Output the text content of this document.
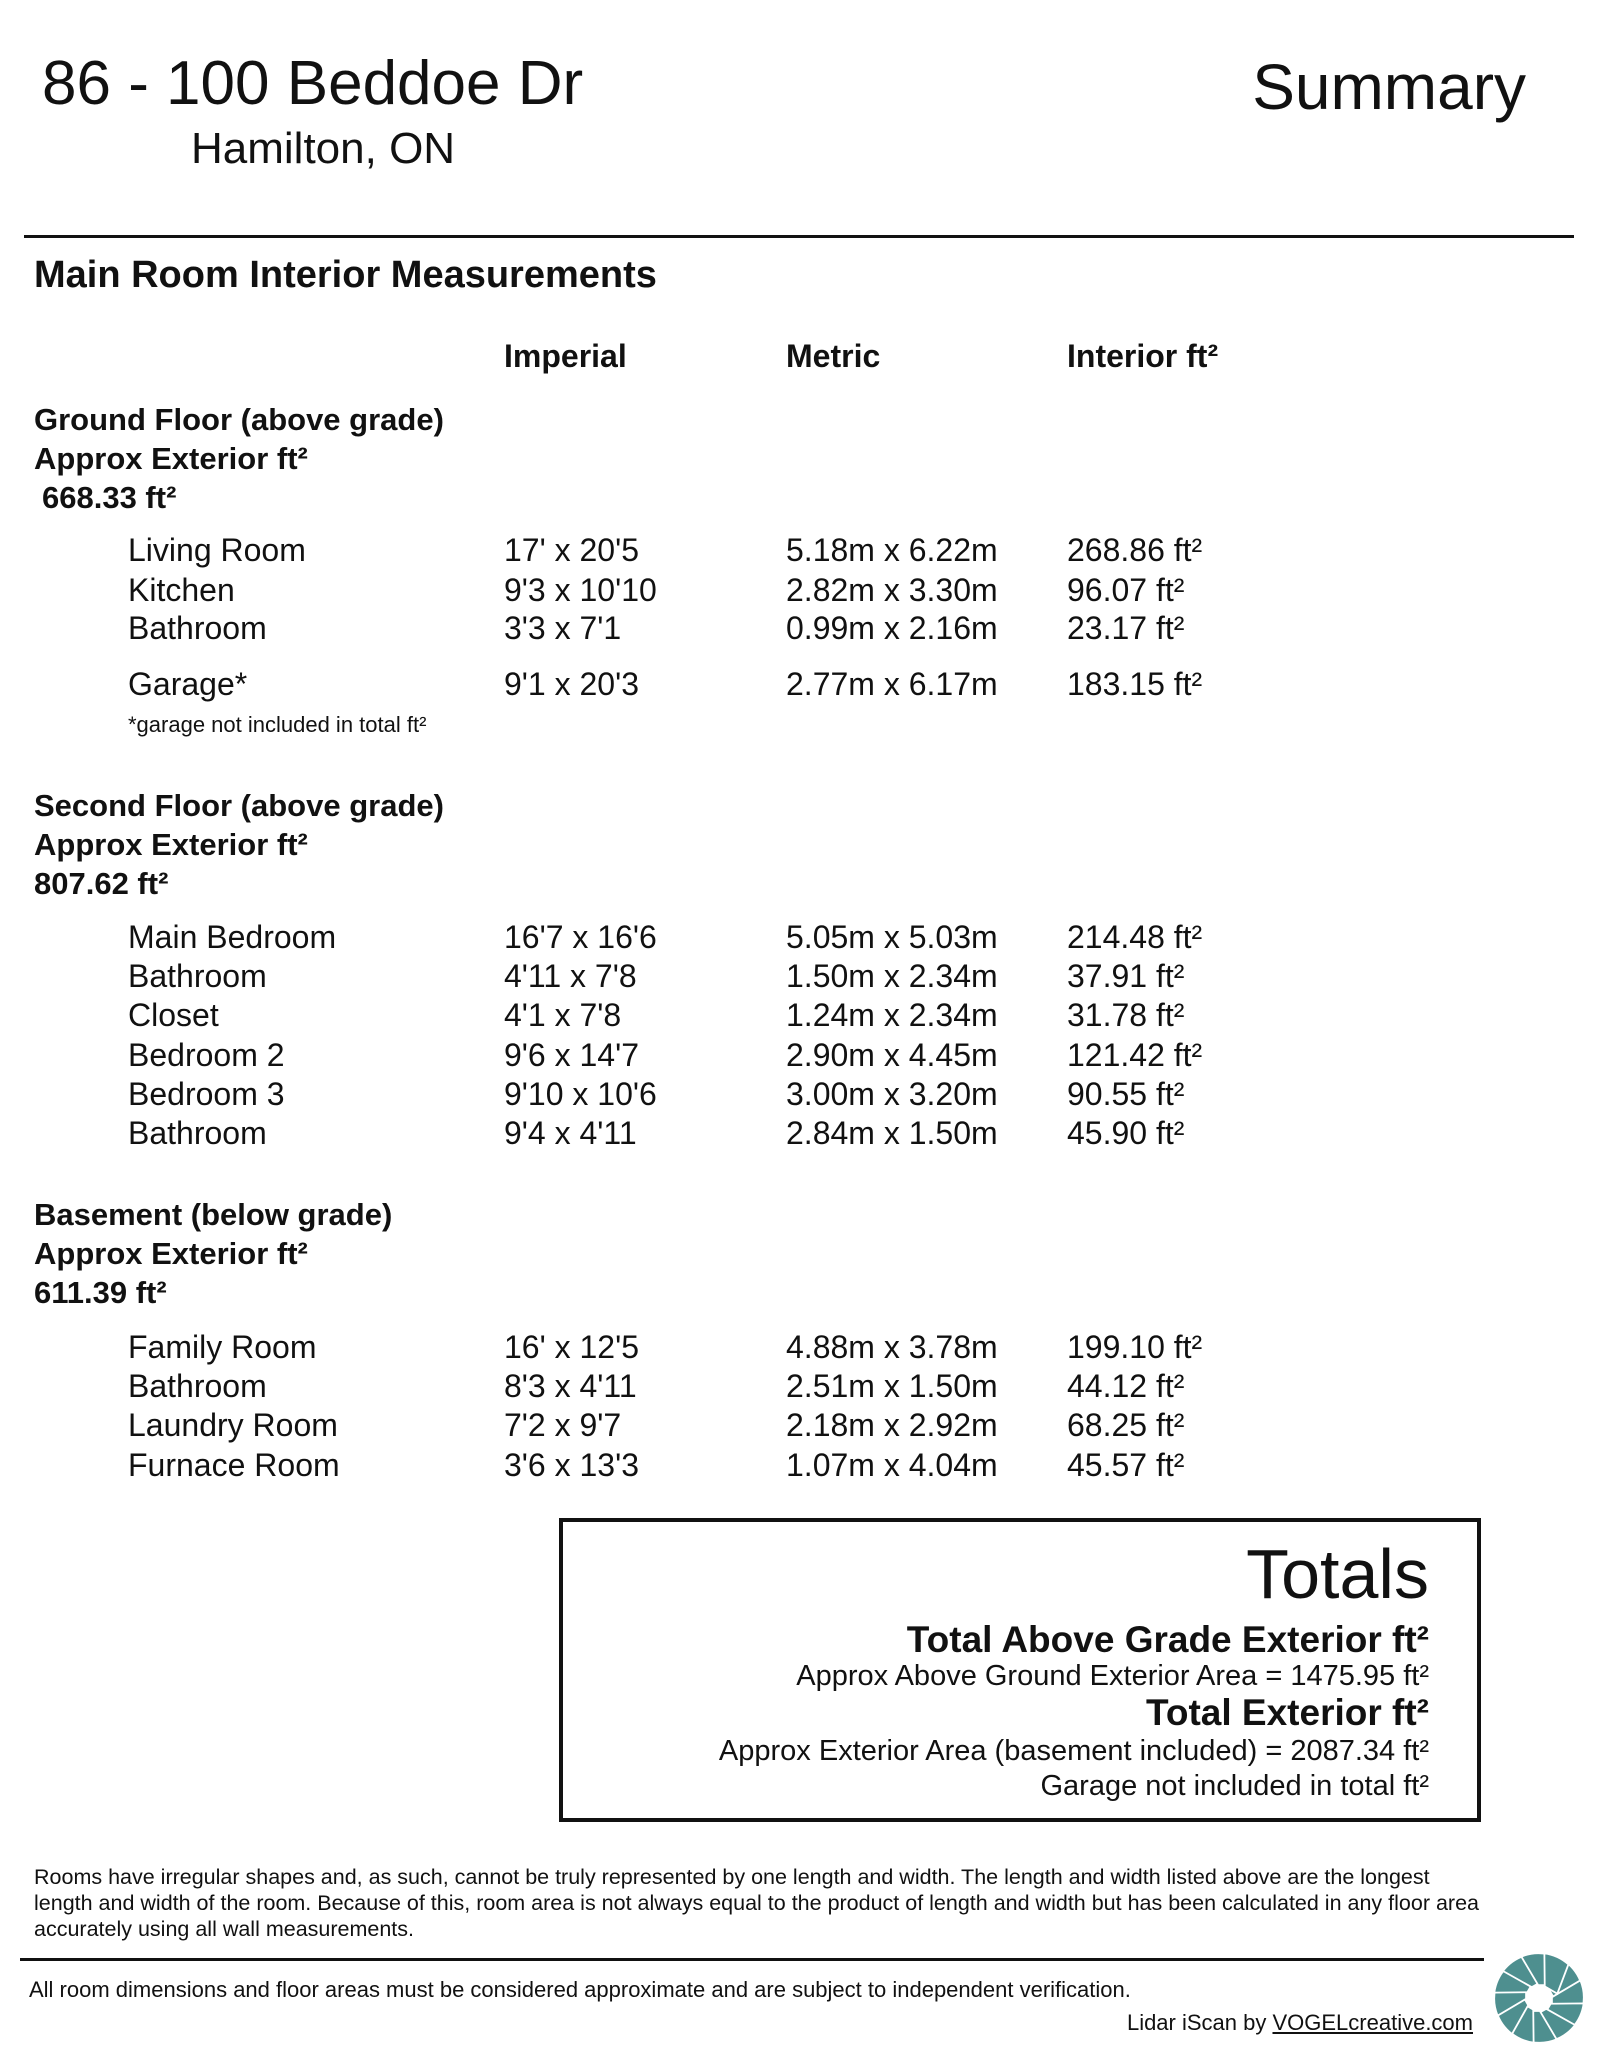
86 - 100 Beddoe Dr
Hamilton, ON
Summary
Main Room Interior Measurements
Imperial	Metric	Interior ft²
Ground Floor (above grade)
Approx Exterior ft²
668.33 ft²
Living Room	17' x 20'5	5.18m x 6.22m 268.86 ft²
Kitchen	9'3 x 10'10	2.82m x 3.30m 96.07 ft²
Bathroom	3'3 x 7'1	0.99m x 2.16m 23.17 ft²
Garage*	9'1 x 20'3	2.77m x 6.17m 183.15 ft²
*garage not included in total ft²
Second Floor (above grade)
Approx Exterior ft²
807.62 ft²
Main Bedroom	16'7 x 16'6	5.05m x 5.03m 214.48 ft²
Bathroom	4'11 x 7'8	1.50m x 2.34m 37.91 ft²
Closet	4'1 x 7'8	1.24m x 2.34m 31.78 ft²
Bedroom 2	9'6 x 14'7	2.90m x 4.45m 121.42 ft²
Bedroom 3	9'10 x 10'6	3.00m x 3.20m 90.55 ft²
Bathroom	9'4 x 4'11	2.84m x 1.50m 45.90 ft²
Basement (below grade)
Approx Exterior ft²
611.39 ft²
Family Room	16' x 12'5	4.88m x 3.78m 199.10 ft²
Bathroom	8'3 x 4'11	2.51m x 1.50m 44.12 ft²
Laundry Room	7'2 x 9'7	2.18m x 2.92m 68.25 ft²
Furnace Room	3'6 x 13'3	1.07m x 4.04m 45.57 ft²
Totals
Total Above Grade Exterior ft²
Approx Above Ground Exterior Area = 1475.95 ft²
Total Exterior ft²
Approx Exterior Area (basement included) = 2087.34 ft²
Garage not included in total ft²
Rooms have irregular shapes and, as such, cannot be truly represented by one length and width. The length and width listed above are the longest length and width of the room. Because of this, room area is not always equal to the product of length and width but has been calculated in any floor area accurately using all wall measurements.
All room dimensions and floor areas must be considered approximate and are subject to independent verification.
Lidar iScan by VOGELcreative.com
